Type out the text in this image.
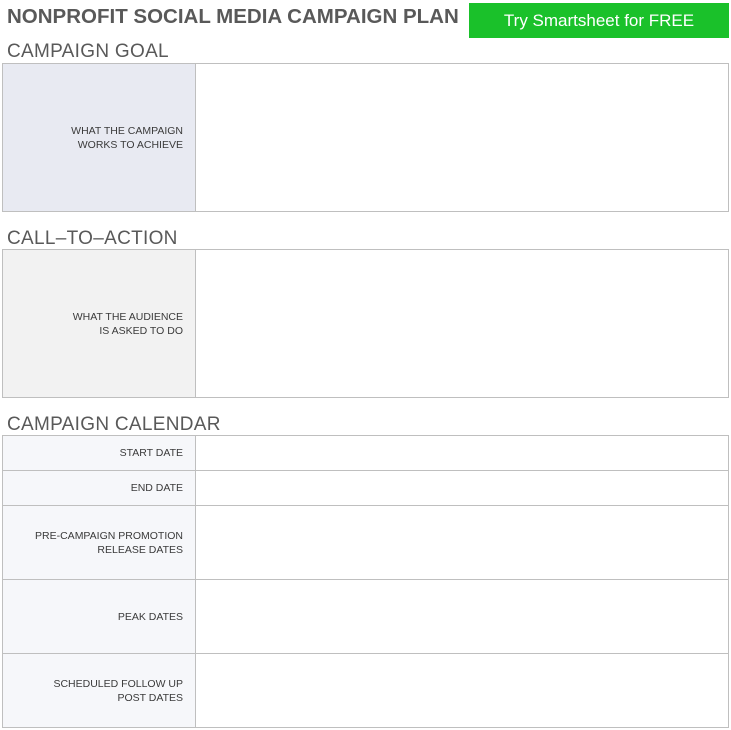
NONPROFIT SOCIAL MEDIA CAMPAIGN PLAN	Try Smartsheet for FREE
CAMPAIGN GOAL
WHAT THE CAMPAIGN
WORKS TO ACHIEVE
CALL–TO–ACTION
WHAT THE AUDIENCE
IS ASKED TO DO
CAMPAIGN CALENDAR
START DATE
END DATE
PRE-CAMPAIGN PROMOTION
RELEASE DATES
PEAK DATES
SCHEDULED FOLLOW UP
POST DATES
